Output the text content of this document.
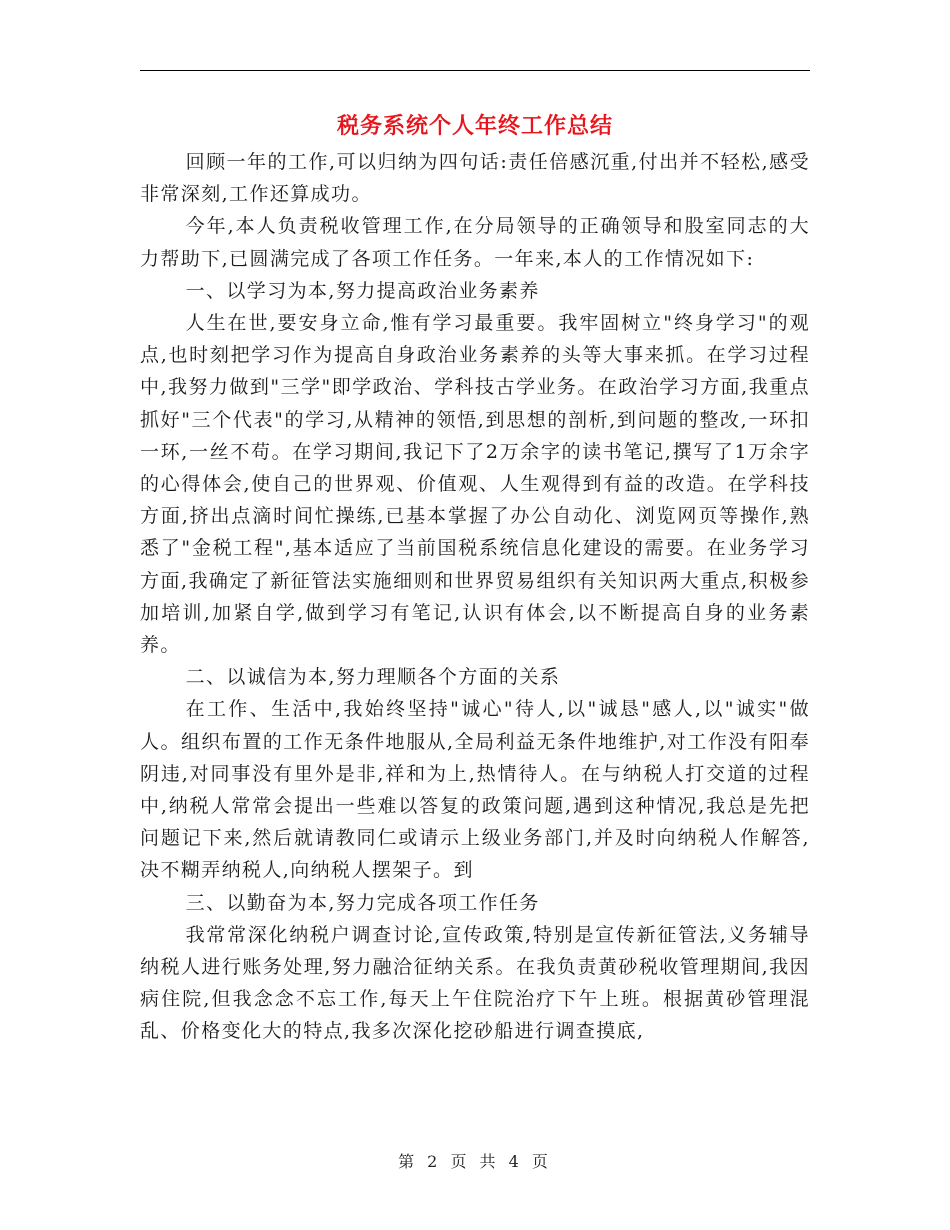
税务系统个人年终工作总结

回顾一年的工作,可以归纳为四句话:责任倍感沉重,付出并不轻松,感受非常深刻,工作还算成功。

今年,本人负责税收管理工作,在分局领导的正确领导和股室同志的大力帮助下,已圆满完成了各项工作任务。一年来,本人的工作情况如下:

一、以学习为本,努力提高政治业务素养

人生在世,要安身立命,惟有学习最重要。我牢固树立"终身学习"的观点,也时刻把学习作为提高自身政治业务素养的头等大事来抓。在学习过程中,我努力做到"三学"即学政治、学科技古学业务。在政治学习方面,我重点抓好"三个代表"的学习,从精神的领悟,到思想的剖析,到问题的整改,一环扣一环,一丝不苟。在学习期间,我记下了2万余字的读书笔记,撰写了1万余字的心得体会,使自己的世界观、价值观、人生观得到有益的改造。在学科技方面,挤出点滴时间忙操练,已基本掌握了办公自动化、浏览网页等操作,熟悉了"金税工程",基本适应了当前国税系统信息化建设的需要。在业务学习方面,我确定了新征管法实施细则和世界贸易组织有关知识两大重点,积极参加培训,加紧自学,做到学习有笔记,认识有体会,以不断提高自身的业务素养。

二、以诚信为本,努力理顺各个方面的关系

在工作、生活中,我始终坚持"诚心"待人,以"诚恳"感人,以"诚实"做人。组织布置的工作无条件地服从,全局利益无条件地维护,对工作没有阳奉阴违,对同事没有里外是非,祥和为上,热情待人。在与纳税人打交道的过程中,纳税人常常会提出一些难以答复的政策问题,遇到这种情况,我总是先把问题记下来,然后就请教同仁或请示上级业务部门,并及时向纳税人作解答,决不糊弄纳税人,向纳税人摆架子。到

三、以勤奋为本,努力完成各项工作任务

我常常深化纳税户调查讨论,宣传政策,特别是宣传新征管法,义务辅导纳税人进行账务处理,努力融洽征纳关系。在我负责黄砂税收管理期间,我因病住院,但我念念不忘工作,每天上午住院治疗下午上班。根据黄砂管理混乱、价格变化大的特点,我多次深化挖砂船进行调查摸底,

第 2 页 共 4 页
